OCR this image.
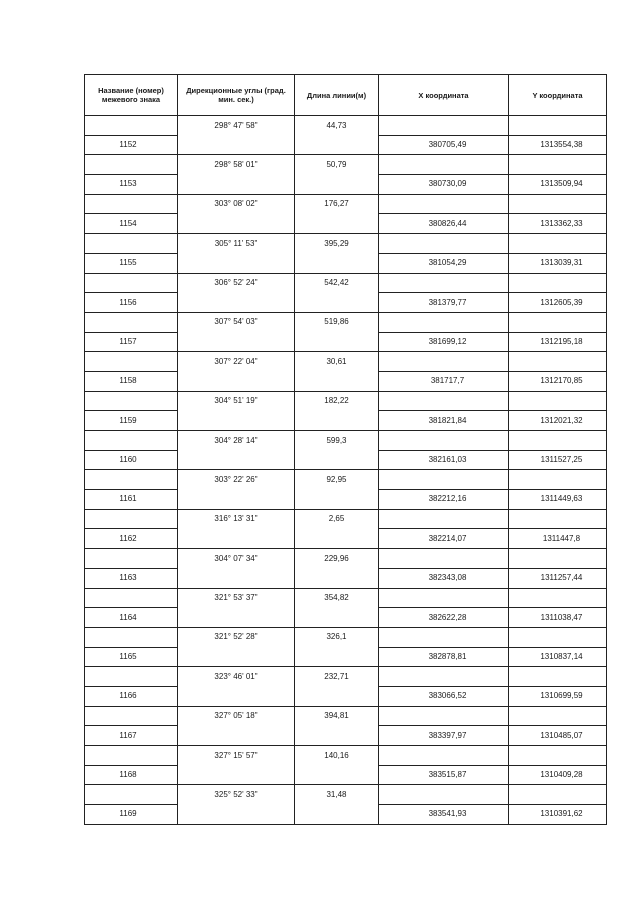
Название (номер) межевого знака	Дирекционные углы (град. мин. сек.)	Длина линии(м)	X координата	Y координата
	298° 47' 58"	44,73		
1152			380705,49	1313554,38
	298° 58' 01"	50,79		
1153			380730,09	1313509,94
	303° 08' 02"	176,27		
1154			380826,44	1313362,33
	305° 11' 53"	395,29		
1155			381054,29	1313039,31
	306° 52' 24"	542,42		
1156			381379,77	1312605,39
	307° 54' 03"	519,86		
1157			381699,12	1312195,18
	307° 22' 04"	30,61		
1158			381717,7	1312170,85
	304° 51' 19"	182,22		
1159			381821,84	1312021,32
	304° 28' 14"	599,3		
1160			382161,03	1311527,25
	303° 22' 26"	92,95		
1161			382212,16	1311449,63
	316° 13' 31"	2,65		
1162			382214,07	1311447,8
	304° 07' 34"	229,96		
1163			382343,08	1311257,44
	321° 53' 37"	354,82		
1164			382622,28	1311038,47
	321° 52' 28"	326,1		
1165			382878,81	1310837,14
	323° 46' 01"	232,71		
1166			383066,52	1310699,59
	327° 05' 18"	394,81		
1167			383397,97	1310485,07
	327° 15' 57"	140,16		
1168			383515,87	1310409,28
	325° 52' 33"	31,48		
1169			383541,93	1310391,62
